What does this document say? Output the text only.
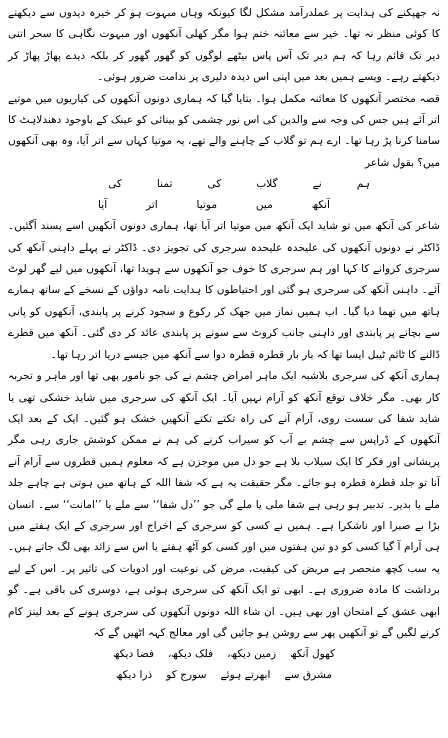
نہ جھپکنے کی ہدایت پر عملدرآمد مشکل لگا کیونکہ وہاں مبہوت ہو کر خیرہ دیدوں سے دیکھنے کا کوئی منظر نہ تھا۔ خیر سے معائنہ ختم ہوا مگر کھلی آنکھوں اور مبہوت نگاہی کا سحر اتنی دیر تک قائم رہا کہ ہم دیر تک آس پاس بیٹھے لوگوں کو گھور گھور کر بلکہ دیدے پھاڑ پھاڑ کر دیکھتے رہے۔ ویسے ہمیں بعد میں اپنی اس دیدہ دلیری پر ندامت ضرور ہوئی۔

قصہ مختصر آنکھوں کا معائنہ مکمل ہوا۔ بتایا گیا کہ ہماری دونوں آنکھوں کی کیاریوں میں موتیے اتر آئے ہیں جس کی وجہ سے والدین کی اس نور چشمی کو بینائی کو عینک کے باوجود دھندلاہٹ کا سامنا کرنا پڑ رہا تھا۔ ارے ہم تو گلاب کے چاہنے والے تھے، یہ موتیا کہاں سے اتر آیا، وہ بھی آنکھوں میں؟ بقول شاعر

ہم
نے
گلاب
کی
تمنا
کی
آنکھ
میں
موتیا
اتر
آیا

شاعر کی آنکھ میں تو شاید ایک آنکھ میں موتیا اتر آیا تھا، ہماری دونوں آنکھیں اسے پسند آگئیں۔ ڈاکٹر نے دونوں آنکھوں کی علیحدہ علیحدہ سرجری کی تجویز دی۔ ڈاکٹر نے پہلے داہنی آنکھ کی سرجری کروانے کا کہا اور ہم سرجری کا خوف جو آنکھوں سے ہویدا تھا، آنکھوں میں لیے گھر لوٹ آئے۔ داہنی آنکھ کی سرجری ہو گئی اور احتیاطوں کا ہدایت نامہ دواؤں کے نسخے کے ساتھ ہمارے ہاتھ میں تھما دیا گیا۔ اب ہمیں نماز میں جھک کر رکوع و سجود کرنے پر پابندی، آنکھوں کو پانی سے بچانے پر پابندی اور داہنی جانب کروٹ سے سونے پر پابندی عائد کر دی گئی۔ آنکھ میں قطرے ڈالنے کا ٹائم ٹیبل ایسا تھا کہ بار بار قطرہ قطرہ دوا سے آنکھ میں جیسے دریا اتر رہا تھا۔

ہماری آنکھ کی سرجری بلاشبہ ایک ماہر امراض چشم نے کی جو نامور بھی تھا اور ماہر و تجربہ کار بھی۔ مگر خلاف توقع آنکھ کو آرام نہیں آیا۔ ایک آنکھ کی سرجری میں شاید خشکی تھی یا شاید شفا کی سست روی، آرام آنے کی راہ تکتے تکتے آنکھیں خشک ہو گئیں۔ ایک کے بعد ایک آنکھوں کے ڈراپس سے چشم بے آب کو سیراب کرنے کی ہم نے ممکن کوشش جاری رہی مگر پریشانی اور فکر کا ایک سیلاب بلا ہے جو دل میں موجزن ہے کہ معلوم ہمیں قطروں سے آرام آنے آنا تو جلد قطرہ قطرہ ہو جائے۔ مگر حقیقت یہ ہے کہ شفا اللہ کے ہاتھ میں ہوتی ہے چاہے جلد ملے یا بدیر۔ تدبیر ہو رہی ہے شفا ملی یا ملے گی جو ’’دل شفا‘‘ سے ملے یا ’’امانت‘‘ سے۔ انسان بڑا بے صبرا اور ناشکرا ہے۔ ہمیں نے کسی کو سرجری کے اخراج اور سرجری کے ایک ہفتے میں ہی آرام آ گیا کسی کو دو تین ہفتوں میں اور کسی کو آٹھ ہفتے یا اس سے زائد بھی لگ جاتے ہیں۔ یہ سب کچھ منحصر ہے مریض کی کیفیت، مرض کی نوعیت اور ادویات کی تاثیر پر۔ اس کے لیے برداشت کا مادہ ضروری ہے۔ ابھی تو ایک آنکھ کی سرجری ہوئی ہے، دوسری کی باقی ہے۔ گو ابھی عشق کے امتحان اور بھی ہیں۔ ان شاء اللہ دونوں آنکھوں کی سرجری ہونے کے بعد لینز کام کرنے لگیں گے تو آنکھیں پھر سے روشن ہو جائیں گی اور معالج کہہ اٹھیں گے کہ

کھول آنکھ
زمین دیکھ،
فلک دیکھ،
فضا دیکھ
مشرق سے
ابھرتے ہوئے
سورج کو
ذرا دیکھ
